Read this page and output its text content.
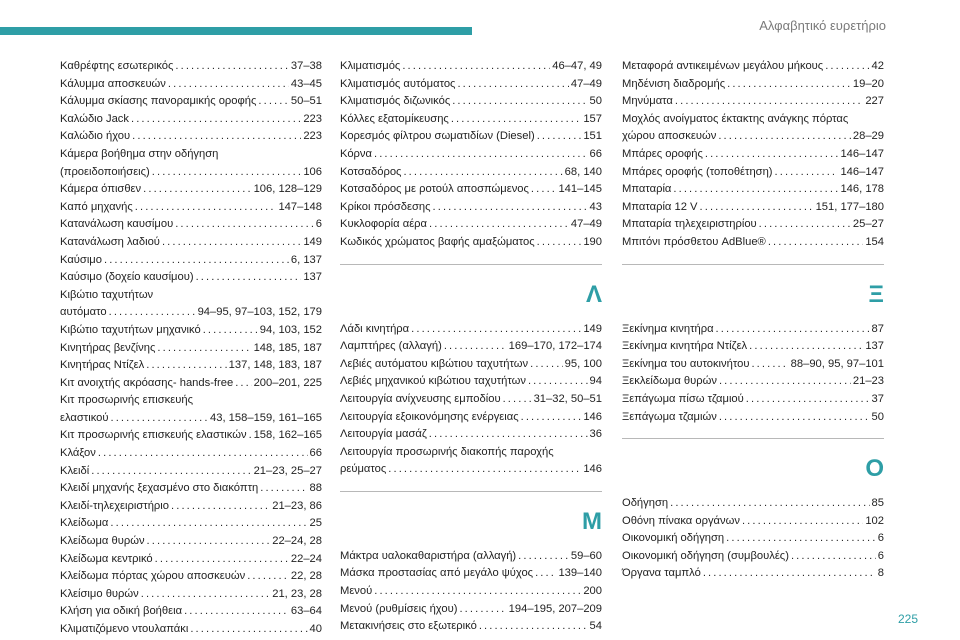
Αλφαβητικό ευρετήριο
Καθρέφτης εσωτερικός . . .	37–38
Κάλυμμα αποσκευών . . .	43–45
Κάλυμμα σκίασης πανοραμικής οροφής . . .	50–51
Καλώδιο Jack . . .	223
Καλώδιο ήχου . . .	223
Κάμερα βοήθημα στην οδήγηση
(προειδοποιήσεις) . . .	106
Κάμερα όπισθεν . . .	106, 128–129
Καπό μηχανής . . .	147–148
Κατανάλωση καυσίμου . . .	6
Κατανάλωση λαδιού . . .	149
Καύσιμο . . .	6, 137
Καύσιμο (δοχείο καυσίμου) . . .	137
Κιβώτιο ταχυτήτων
αυτόματο . . .	94–95, 97–103, 152, 179
Κιβώτιο ταχυτήτων μηχανικό . . .	94, 103, 152
Κινητήρας βενζίνης . . .	148, 185, 187
Κινητήρας Ντίζελ . . .	137, 148, 183, 187
Κιτ ανοιχτής ακρόασης- hands-free . . . 200–201, 225
Κιτ προσωρινής επισκευής
ελαστικού . . .	43, 158–159, 161–165
Κιτ προσωρινής επισκευής ελαστικών . . . 158, 162–165
Κλάξον . . .	66
Κλειδί . . .	21–23, 25–27
Κλειδί μηχανής ξεχασμένο στο διακόπτη . . .	88
Κλειδί-τηλεχειριστήριο . . .	21–23, 86
Κλείδωμα . . .	25
Κλείδωμα θυρών . . .	22–24, 28
Κλείδωμα κεντρικό . . .	22–24
Κλείδωμα πόρτας χώρου αποσκευών . . .	22, 28
Κλείσιμο θυρών . . .	21, 23, 28
Κλήση για οδική βοήθεια . . .	63–64
Κλιματιζόμενο ντουλαπάκι . . .	40
Κλιματισμός . . .	46–47, 49
Κλιματισμός αυτόματος . . .	47–49
Κλιματισμός διζωνικός . . .	50
Κόλλες εξατομίκευσης . . .	157
Κορεσμός φίλτρου σωματιδίων (Diesel) . . .	151
Κόρνα . . .	66
Κοτσαδόρος . . .	68, 140
Κοτσαδόρος με ροτούλ αποσπώμενος . . .	141–145
Κρίκοι πρόσδεσης . . .	43
Κυκλοφορία αέρα . . .	47–49
Κωδικός χρώματος βαφής αμαξώματος . . .	190
Λ
Λάδι κινητήρα . . .	149
Λαμπτήρες (αλλαγή) . . .	169–170, 172–174
Λεβιές αυτόματου κιβώτιου ταχυτήτων . . .	95, 100
Λεβιές μηχανικού κιβώτιου ταχυτήτων . . .	94
Λειτουργία ανίχνευσης εμποδίου . . .	31–32, 50–51
Λειτουργία εξοικονόμησης ενέργειας . . .	146
Λειτουργία μασάζ . . .	36
Λειτουργία προσωρινής διακοπής παροχής
ρεύματος . . .	146
Μ
Μάκτρα υαλοκαθαριστήρα (αλλαγή) . . .	59–60
Μάσκα προστασίας από μεγάλο ψύχος . . . 139–140
Μενού . . .	200
Μενού (ρυθμίσεις ήχου) . . .	194–195, 207–209
Μετακινήσεις στο εξωτερικό . . .	54
Μεταφορά αντικειμένων μεγάλου μήκους . . .	42
Μηδένιση διαδρομής . . .	19–20
Μηνύματα . . .	227
Μοχλός ανοίγματος έκτακτης ανάγκης πόρτας
χώρου αποσκευών . . .	28–29
Μπάρες οροφής . . .	146–147
Μπάρες οροφής (τοποθέτηση) . . .	146–147
Μπαταρία . . .	146, 178
Μπαταρία 12 V . . .	151, 177–180
Μπαταρία τηλεχειριστηρίου . . .	25–27
Μπιτόνι πρόσθετου AdBlue® . . .	154
Ξ
Ξεκίνημα κινητήρα . . .	87
Ξεκίνημα κινητήρα Ντίζελ . . .	137
Ξεκίνημα του αυτοκινήτου . . .	88–90, 95, 97–101
Ξεκλείδωμα θυρών . . .	21–23
Ξεπάγωμα πίσω τζαμιού . . .	37
Ξεπάγωμα τζαμιών . . .	50
Ο
Οδήγηση . . .	85
Οθόνη πίνακα οργάνων . . .	102
Οικονομική οδήγηση . . .	6
Οικονομική οδήγηση (συμβουλές) . . .	6
Όργανα ταμπλό . . .	8
225
